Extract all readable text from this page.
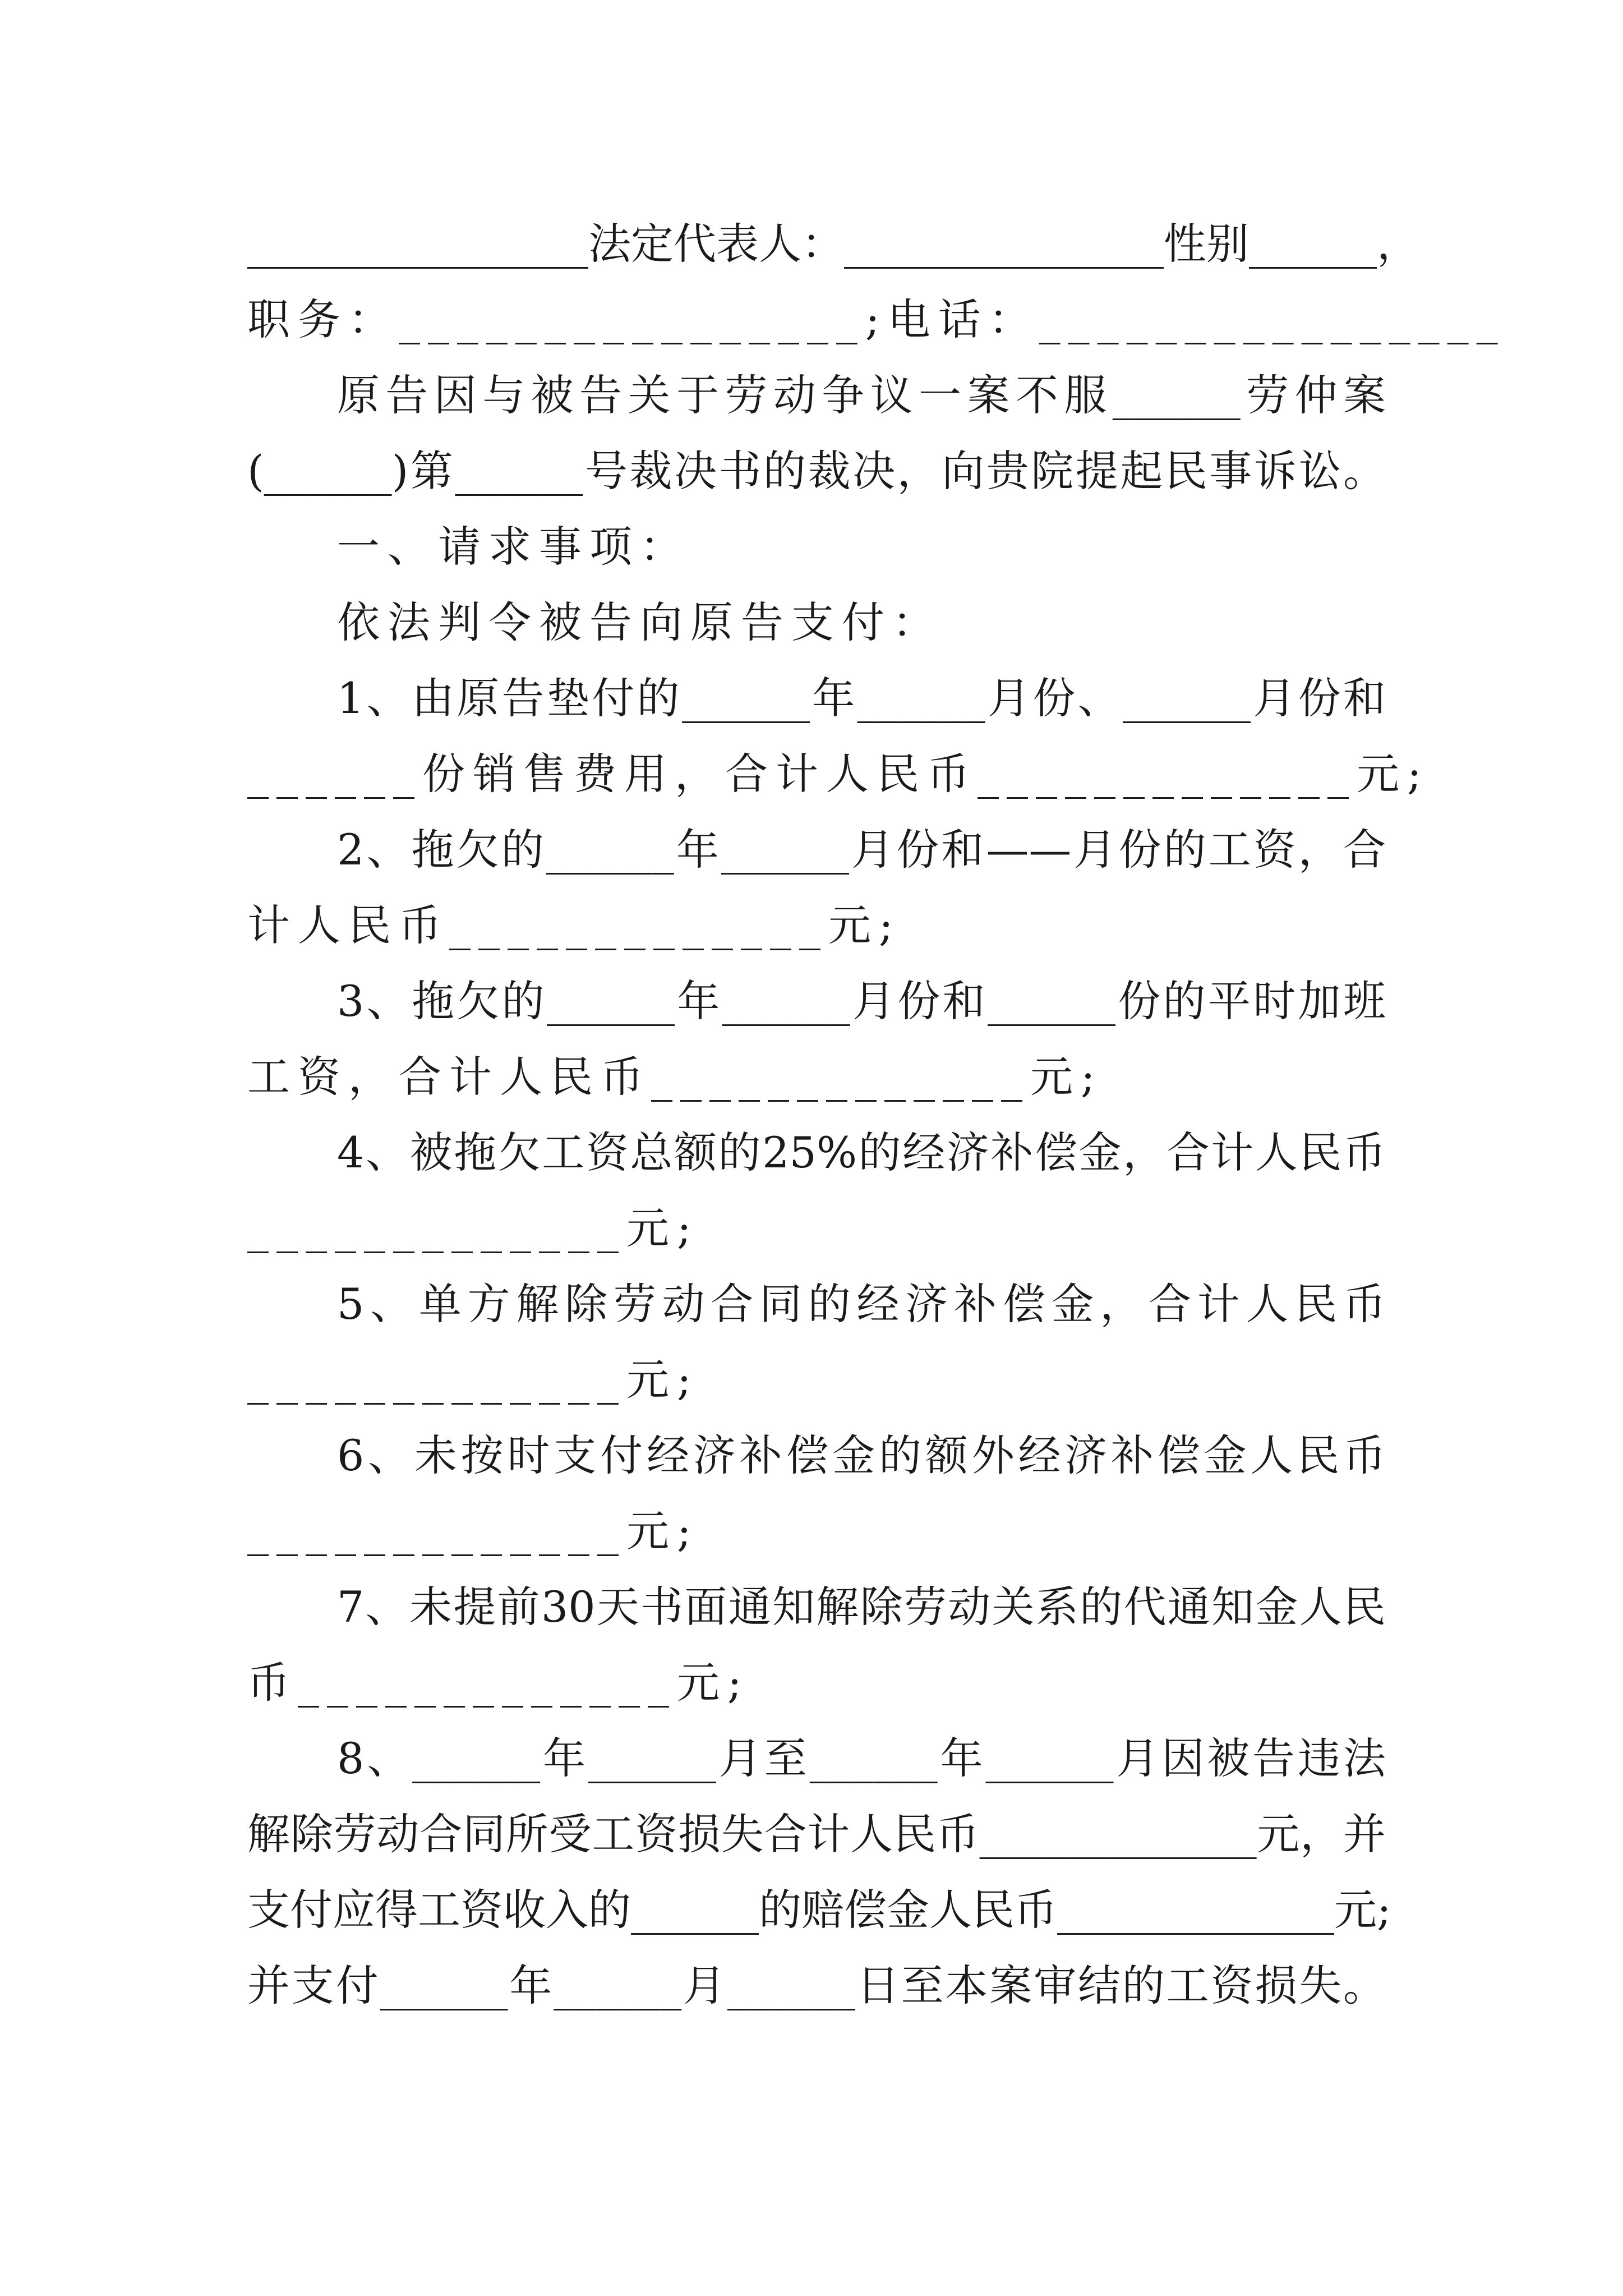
________________法定代表人：_______________性别______，
职务：________________;电话：________________
原告因与被告关于劳动争议一案不服______劳仲案
(______)第______号裁决书的裁决，向贵院提起民事诉讼。
一、请求事项：
依法判令被告向原告支付：
1、由原告垫付的______年______月份、______月份和
______份销售费用，合计人民币_____________元;
2、拖欠的______年______月份和——月份的工资，合
计人民币_____________元;
3、拖欠的______年______月份和______份的平时加班
工资，合计人民币_____________元;
4、被拖欠工资总额的25%的经济补偿金，合计人民币
_____________元;
5、单方解除劳动合同的经济补偿金，合计人民币
_____________元;
6、未按时支付经济补偿金的额外经济补偿金人民币
_____________元;
7、未提前30天书面通知解除劳动关系的代通知金人民
币_____________元;
8、______年______月至______年______月因被告违法
解除劳动合同所受工资损失合计人民币_____________元，并
支付应得工资收入的______的赔偿金人民币_____________元;
并支付______年______月______日至本案审结的工资损失。
